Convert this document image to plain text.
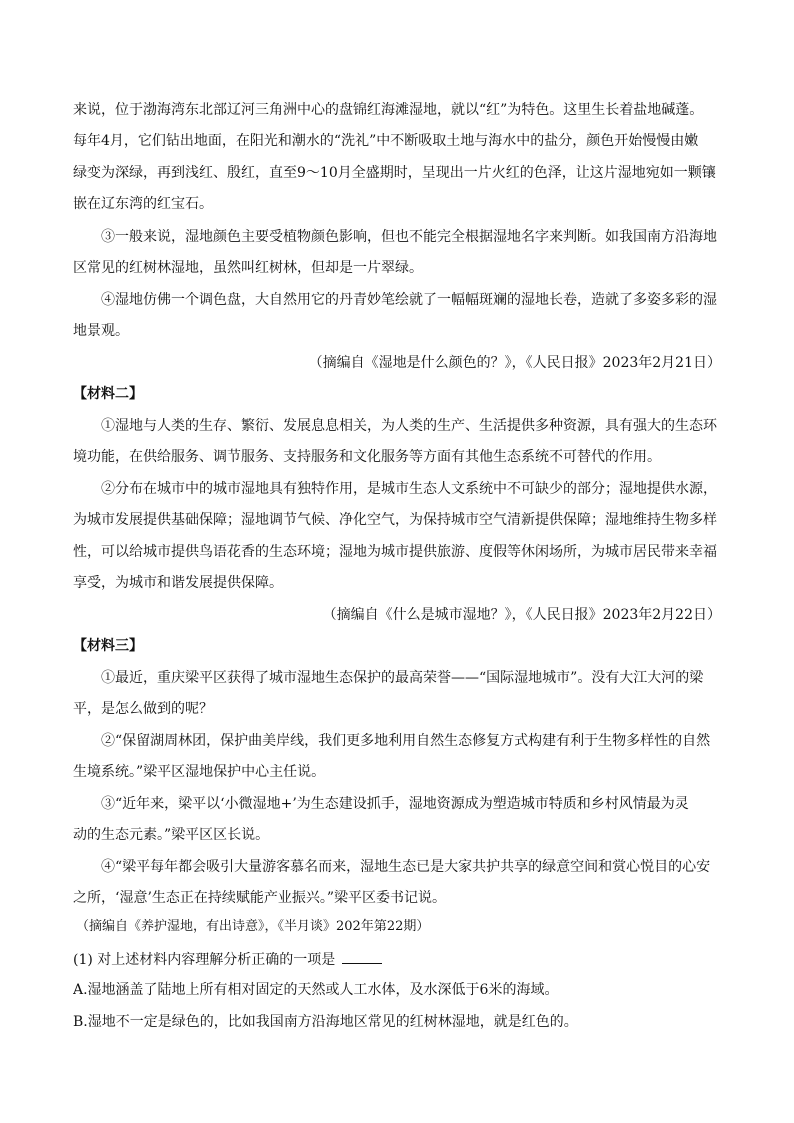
来说，位于渤海湾东北部辽河三角洲中心的盘锦红海滩湿地，就以“红”为特色。这里生长着盐地碱蓬。
每年4月，它们钻出地面，在阳光和潮水的“洗礼”中不断吸取土地与海水中的盐分，颜色开始慢慢由嫩
绿变为深绿，再到浅红、殷红，直至9～10月全盛期时，呈现出一片火红的色泽，让这片湿地宛如一颗镶
嵌在辽东湾的红宝石。
③一般来说，湿地颜色主要受植物颜色影响，但也不能完全根据湿地名字来判断。如我国南方沿海地
区常见的红树林湿地，虽然叫红树林，但却是一片翠绿。
④湿地仿佛一个调色盘，大自然用它的丹青妙笔绘就了一幅幅斑斓的湿地长卷，造就了多姿多彩的湿
地景观。
（摘编自《湿地是什么颜色的？》，《人民日报》2023年2月21日）
【材料二】
①湿地与人类的生存、繁衍、发展息息相关，为人类的生产、生活提供多种资源，具有强大的生态环
境功能，在供给服务、调节服务、支持服务和文化服务等方面有其他生态系统不可替代的作用。
②分布在城市中的城市湿地具有独特作用，是城市生态人文系统中不可缺少的部分；湿地提供水源，
为城市发展提供基础保障；湿地调节气候、净化空气，为保持城市空气清新提供保障；湿地维持生物多样
性，可以给城市提供鸟语花香的生态环境；湿地为城市提供旅游、度假等休闲场所，为城市居民带来幸福
享受，为城市和谐发展提供保障。
（摘编自《什么是城市湿地？》，《人民日报》2023年2月22日）
【材料三】
①最近，重庆梁平区获得了城市湿地生态保护的最高荣誉——“国际湿地城市”。没有大江大河的梁
平，是怎么做到的呢？
②“保留湖周林团，保护曲美岸线，我们更多地利用自然生态修复方式构建有利于生物多样性的自然
生境系统。”梁平区湿地保护中心主任说。
③“近年来，梁平以‘小微湿地+’为生态建设抓手，湿地资源成为塑造城市特质和乡村风情最为灵
动的生态元素。”梁平区区长说。
④“梁平每年都会吸引大量游客慕名而来，湿地生态已是大家共护共享的绿意空间和赏心悦目的心安
之所，‘湿意’生态正在持续赋能产业振兴。”梁平区委书记说。
（摘编自《养护湿地，有出诗意》，《半月谈》202年第22期）
(1) 对上述材料内容理解分析正确的一项是
A.湿地涵盖了陆地上所有相对固定的天然或人工水体，及水深低于6米的海域。
B.湿地不一定是绿色的，比如我国南方沿海地区常见的红树林湿地，就是红色的。
